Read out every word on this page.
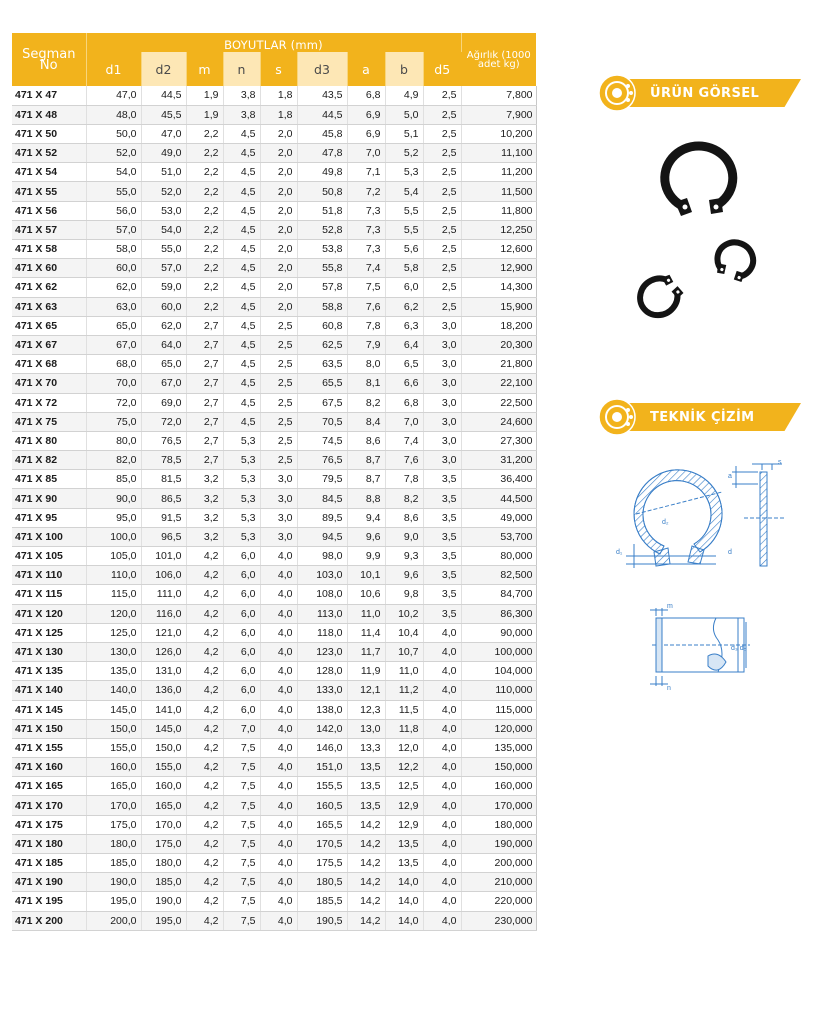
Segman No	BOYUTLAR (mm)									Ağırlık (1000 adet kg)
	d1	d2	m	n	s	d3	a	b	d5	
471 X 47	47,0	44,5	1,9	3,8	1,8	43,5	6,8	4,9	2,5	7,800
471 X 48	48,0	45,5	1,9	3,8	1,8	44,5	6,9	5,0	2,5	7,900
471 X 50	50,0	47,0	2,2	4,5	2,0	45,8	6,9	5,1	2,5	10,200
471 X 52	52,0	49,0	2,2	4,5	2,0	47,8	7,0	5,2	2,5	11,100
471 X 54	54,0	51,0	2,2	4,5	2,0	49,8	7,1	5,3	2,5	11,200
471 X 55	55,0	52,0	2,2	4,5	2,0	50,8	7,2	5,4	2,5	11,500
471 X 56	56,0	53,0	2,2	4,5	2,0	51,8	7,3	5,5	2,5	11,800
471 X 57	57,0	54,0	2,2	4,5	2,0	52,8	7,3	5,5	2,5	12,250
471 X 58	58,0	55,0	2,2	4,5	2,0	53,8	7,3	5,6	2,5	12,600
471 X 60	60,0	57,0	2,2	4,5	2,0	55,8	7,4	5,8	2,5	12,900
471 X 62	62,0	59,0	2,2	4,5	2,0	57,8	7,5	6,0	2,5	14,300
471 X 63	63,0	60,0	2,2	4,5	2,0	58,8	7,6	6,2	2,5	15,900
471 X 65	65,0	62,0	2,7	4,5	2,5	60,8	7,8	6,3	3,0	18,200
471 X 67	67,0	64,0	2,7	4,5	2,5	62,5	7,9	6,4	3,0	20,300
471 X 68	68,0	65,0	2,7	4,5	2,5	63,5	8,0	6,5	3,0	21,800
471 X 70	70,0	67,0	2,7	4,5	2,5	65,5	8,1	6,6	3,0	22,100
471 X 72	72,0	69,0	2,7	4,5	2,5	67,5	8,2	6,8	3,0	22,500
471 X 75	75,0	72,0	2,7	4,5	2,5	70,5	8,4	7,0	3,0	24,600
471 X 80	80,0	76,5	2,7	5,3	2,5	74,5	8,6	7,4	3,0	27,300
471 X 82	82,0	78,5	2,7	5,3	2,5	76,5	8,7	7,6	3,0	31,200
471 X 85	85,0	81,5	3,2	5,3	3,0	79,5	8,7	7,8	3,5	36,400
471 X 90	90,0	86,5	3,2	5,3	3,0	84,5	8,8	8,2	3,5	44,500
471 X 95	95,0	91,5	3,2	5,3	3,0	89,5	9,4	8,6	3,5	49,000
471 X 100	100,0	96,5	3,2	5,3	3,0	94,5	9,6	9,0	3,5	53,700
471 X 105	105,0	101,0	4,2	6,0	4,0	98,0	9,9	9,3	3,5	80,000
471 X 110	110,0	106,0	4,2	6,0	4,0	103,0	10,1	9,6	3,5	82,500
471 X 115	115,0	111,0	4,2	6,0	4,0	108,0	10,6	9,8	3,5	84,700
471 X 120	120,0	116,0	4,2	6,0	4,0	113,0	11,0	10,2	3,5	86,300
471 X 125	125,0	121,0	4,2	6,0	4,0	118,0	11,4	10,4	4,0	90,000
471 X 130	130,0	126,0	4,2	6,0	4,0	123,0	11,7	10,7	4,0	100,000
471 X 135	135,0	131,0	4,2	6,0	4,0	128,0	11,9	11,0	4,0	104,000
471 X 140	140,0	136,0	4,2	6,0	4,0	133,0	12,1	11,2	4,0	110,000
471 X 145	145,0	141,0	4,2	6,0	4,0	138,0	12,3	11,5	4,0	115,000
471 X 150	150,0	145,0	4,2	7,0	4,0	142,0	13,0	11,8	4,0	120,000
471 X 155	155,0	150,0	4,2	7,5	4,0	146,0	13,3	12,0	4,0	135,000
471 X 160	160,0	155,0	4,2	7,5	4,0	151,0	13,5	12,2	4,0	150,000
471 X 165	165,0	160,0	4,2	7,5	4,0	155,5	13,5	12,5	4,0	160,000
471 X 170	170,0	165,0	4,2	7,5	4,0	160,5	13,5	12,9	4,0	170,000
471 X 175	175,0	170,0	4,2	7,5	4,0	165,5	14,2	12,9	4,0	180,000
471 X 180	180,0	175,0	4,2	7,5	4,0	170,5	14,2	13,5	4,0	190,000
471 X 185	185,0	180,0	4,2	7,5	4,0	175,5	14,2	13,5	4,0	200,000
471 X 190	190,0	185,0	4,2	7,5	4,0	180,5	14,2	14,0	4,0	210,000
471 X 195	195,0	190,0	4,2	7,5	4,0	185,5	14,2	14,0	4,0	220,000
471 X 200	200,0	195,0	4,2	7,5	4,0	190,5	14,2	14,0	4,0	230,000
ÜRÜN GÖRSEL
TEKNİK ÇİZİM
s
a
d
d₁
d₂
m
d₃ d₅
n
